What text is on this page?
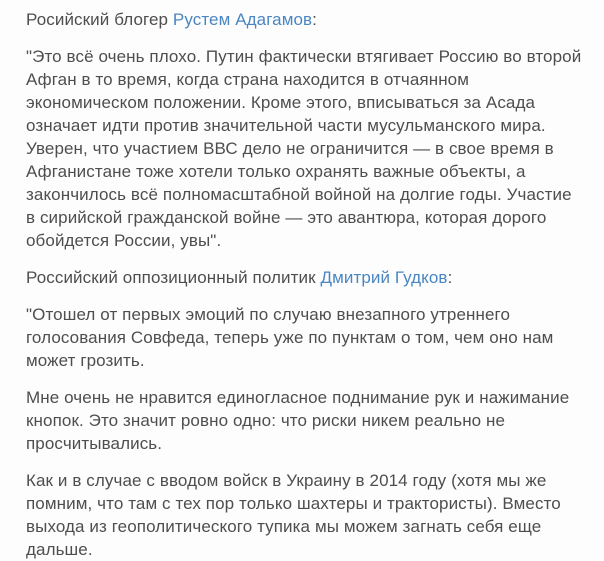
Росийский блогер Рустем Адагамов:

"Это всё очень плохо. Путин фактически втягивает Россию во второй Афган в то время, когда страна находится в отчаянном экономическом положении. Кроме этого, вписываться за Асада означает идти против значительной части мусульманского мира. Уверен, что участием ВВС дело не ограничится — в свое время в Афганистане тоже хотели только охранять важные объекты, а закончилось всё полномасштабной войной на долгие годы. Участие в сирийской гражданской войне — это авантюра, которая дорого обойдется России, увы".

Российский оппозиционный политик Дмитрий Гудков:

"Отошел от первых эмоций по случаю внезапного утреннего голосования Совфеда, теперь уже по пунктам о том, чем оно нам может грозить.

Мне очень не нравится единогласное поднимание рук и нажимание кнопок. Это значит ровно одно: что риски никем реально не просчитывались.

Как и в случае с вводом войск в Украину в 2014 году (хотя мы же помним, что там с тех пор только шахтеры и трактористы). Вместо выхода из геополитического тупика мы можем загнать себя еще дальше.
